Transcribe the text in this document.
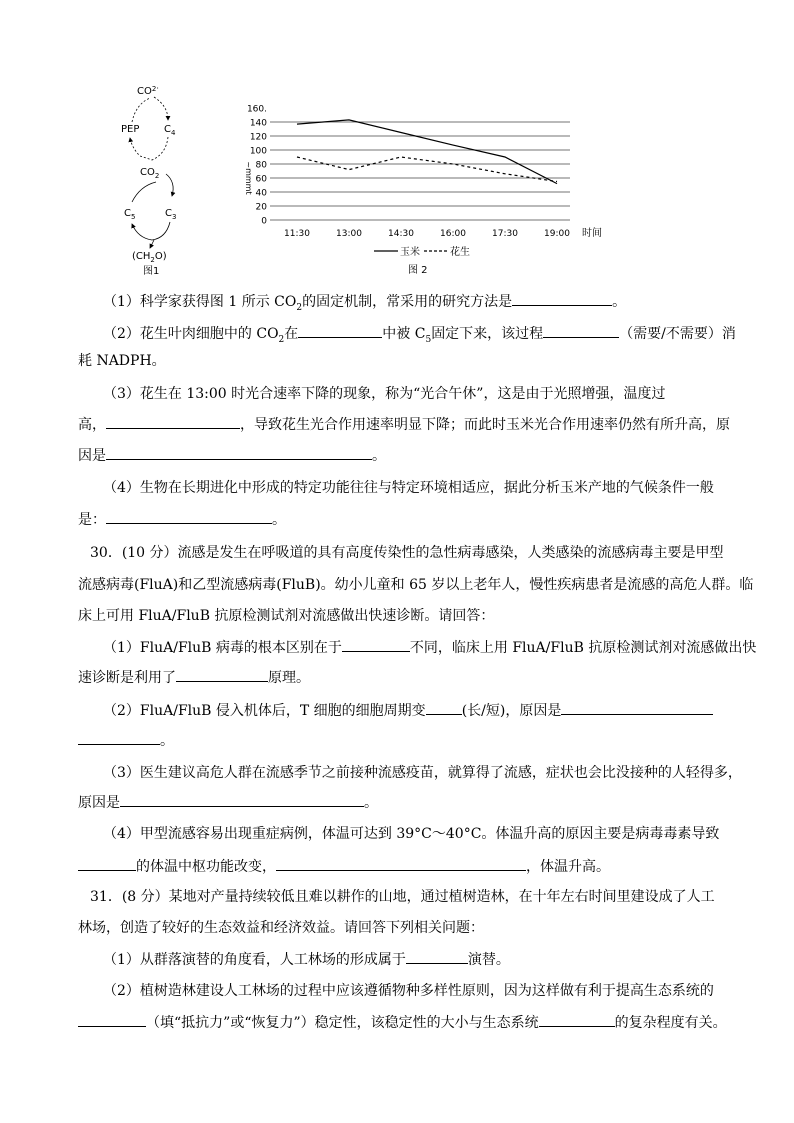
$CO^2\cdot$
PEP $C_4$
$CO_2$
$C_5$	$C_3$
$(CH_2O)$
图1
~mmmt
0
20
40
60
80
100
120
140
160.
11:30	13:00	14:30	16:00	17:30	19:00 时间
玉米	花生
图 2
（1）科学家获得图 1 所示 $CO_2$的固定机制，常采用的研究方法是	。
（2）花生叶肉细胞中的 $CO_2$在	中被 $C_5$固定下来，该过程	（需要/不需要）消
耗 NADPH。
（3）花生在 13:00 时光合速率下降的现象，称为“光合午休”，这是由于光照增强，温度过
高，	，导致花生光合作用速率明显下降；而此时玉米光合作用速率仍然有所升高，原
因是	。
（4）生物在长期进化中形成的特定功能往往与特定环境相适应，据此分析玉米产地的气候条件一般
是：	。
30．(10 分）流感是发生在呼吸道的具有高度传染性的急性病毒感染，人类感染的流感病毒主要是甲型
流感病毒(FluA)和乙型流感病毒(FluB)。幼小儿童和 65 岁以上老年人，慢性疾病患者是流感的高危人群。临
床上可用 FluA/FluB 抗原检测试剂对流感做出快速诊断。请回答：
（1）FluA/FluB 病毒的根本区别在于	不同，临床上用 FluA/FluB 抗原检测试剂对流感做出快
速诊断是利用了	原理。
（2）FluA/FluB 侵入机体后，T 细胞的细胞周期变	(长/短)，原因是
。
（3）医生建议高危人群在流感季节之前接种流感疫苗，就算得了流感，症状也会比没接种的人轻得多，
原因是	。
（4）甲型流感容易出现重症病例，体温可达到 39°C～40°C。体温升高的原因主要是病毒毒素导致
的体温中枢功能改变，	，体温升高。
31．(8 分）某地对产量持续较低且难以耕作的山地，通过植树造林，在十年左右时间里建设成了人工
林场，创造了较好的生态效益和经济效益。请回答下列相关问题：
（1）从群落演替的角度看，人工林场的形成属于	演替。
（2）植树造林建设人工林场的过程中应该遵循物种多样性原则，因为这样做有利于提高生态系统的
（填“抵抗力”或“恢复力”）稳定性，该稳定性的大小与生态系统	的复杂程度有关。
